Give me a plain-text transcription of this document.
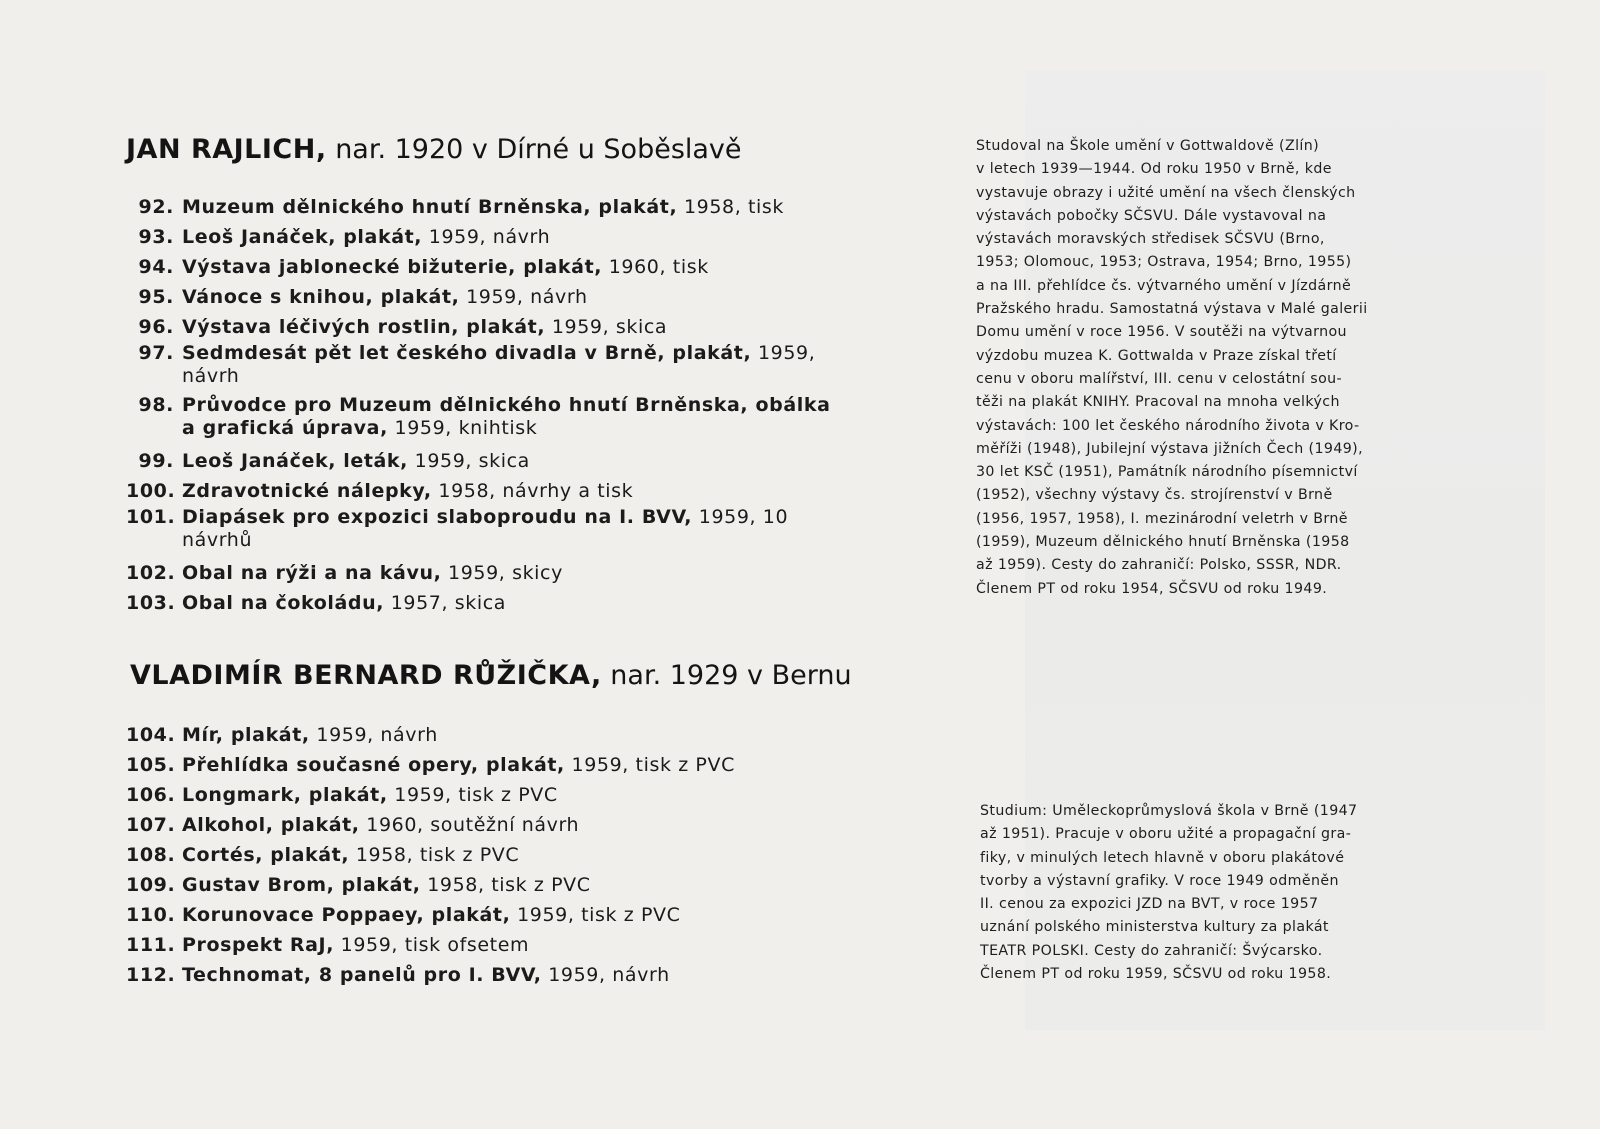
JAN RAJLICH, nar. 1920 v Dírné u Soběslavě
92. Muzeum dělnického hnutí Brněnska, plakát, 1958, tisk
93. Leoš Janáček, plakát, 1959, návrh
94. Výstava jablonecké bižuterie, plakát, 1960, tisk
95. Vánoce s knihou, plakát, 1959, návrh
96. Výstava léčivých rostlin, plakát, 1959, skica
97. Sedmdesát pět let českého divadla v Brně, plakát, 1959, návrh
98. Průvodce pro Muzeum dělnického hnutí Brněnska, obálka a grafická úprava, 1959, knihtisk
99. Leoš Janáček, leták, 1959, skica
100. Zdravotnické nálepky, 1958, návrhy a tisk
101. Diapásek pro expozici slaboproudu na I. BVV, 1959, 10 návrhů
102. Obal na rýži a na kávu, 1959, skicy
103. Obal na čokoládu, 1957, skica
Studoval na Škole umění v Gottwaldově (Zlín)
v letech 1939—1944. Od roku 1950 v Brně, kde
vystavuje obrazy i užité umění na všech členských
výstavách pobočky SČSVU. Dále vystavoval na
výstavách moravských středisek SČSVU (Brno,
1953; Olomouc, 1953; Ostrava, 1954; Brno, 1955)
a na III. přehlídce čs. výtvarného umění v Jízdárně
Pražského hradu. Samostatná výstava v Malé galerii
Domu umění v roce 1956. V soutěži na výtvarnou
výzdobu muzea K. Gottwalda v Praze získal třetí
cenu v oboru malířství, III. cenu v celostátní sou-
těži na plakát KNIHY. Pracoval na mnoha velkých
výstavách: 100 let českého národního života v Kro-
měříži (1948), Jubilejní výstava jižních Čech (1949),
30 let KSČ (1951), Památník národního písemnictví
(1952), všechny výstavy čs. strojírenství v Brně
(1956, 1957, 1958), I. mezinárodní veletrh v Brně
(1959), Muzeum dělnického hnutí Brněnska (1958
až 1959). Cesty do zahraničí: Polsko, SSSR, NDR.
Členem PT od roku 1954, SČSVU od roku 1949.
VLADIMÍR BERNARD RŮŽIČKA, nar. 1929 v Bernu
104. Mír, plakát, 1959, návrh
105. Přehlídka současné opery, plakát, 1959, tisk z PVC
106. Longmark, plakát, 1959, tisk z PVC
107. Alkohol, plakát, 1960, soutěžní návrh
108. Cortés, plakát, 1958, tisk z PVC
109. Gustav Brom, plakát, 1958, tisk z PVC
110. Korunovace Poppaey, plakát, 1959, tisk z PVC
111. Prospekt RaJ, 1959, tisk ofsetem
112. Technomat, 8 panelů pro I. BVV, 1959, návrh
Studium: Uměleckoprůmyslová škola v Brně (1947
až 1951). Pracuje v oboru užité a propagační gra-
fiky, v minulých letech hlavně v oboru plakátové
tvorby a výstavní grafiky. V roce 1949 odměněn
II. cenou za expozici JZD na BVT, v roce 1957
uznání polského ministerstva kultury za plakát
TEATR POLSKI. Cesty do zahraničí: Švýcarsko.
Členem PT od roku 1959, SČSVU od roku 1958.
